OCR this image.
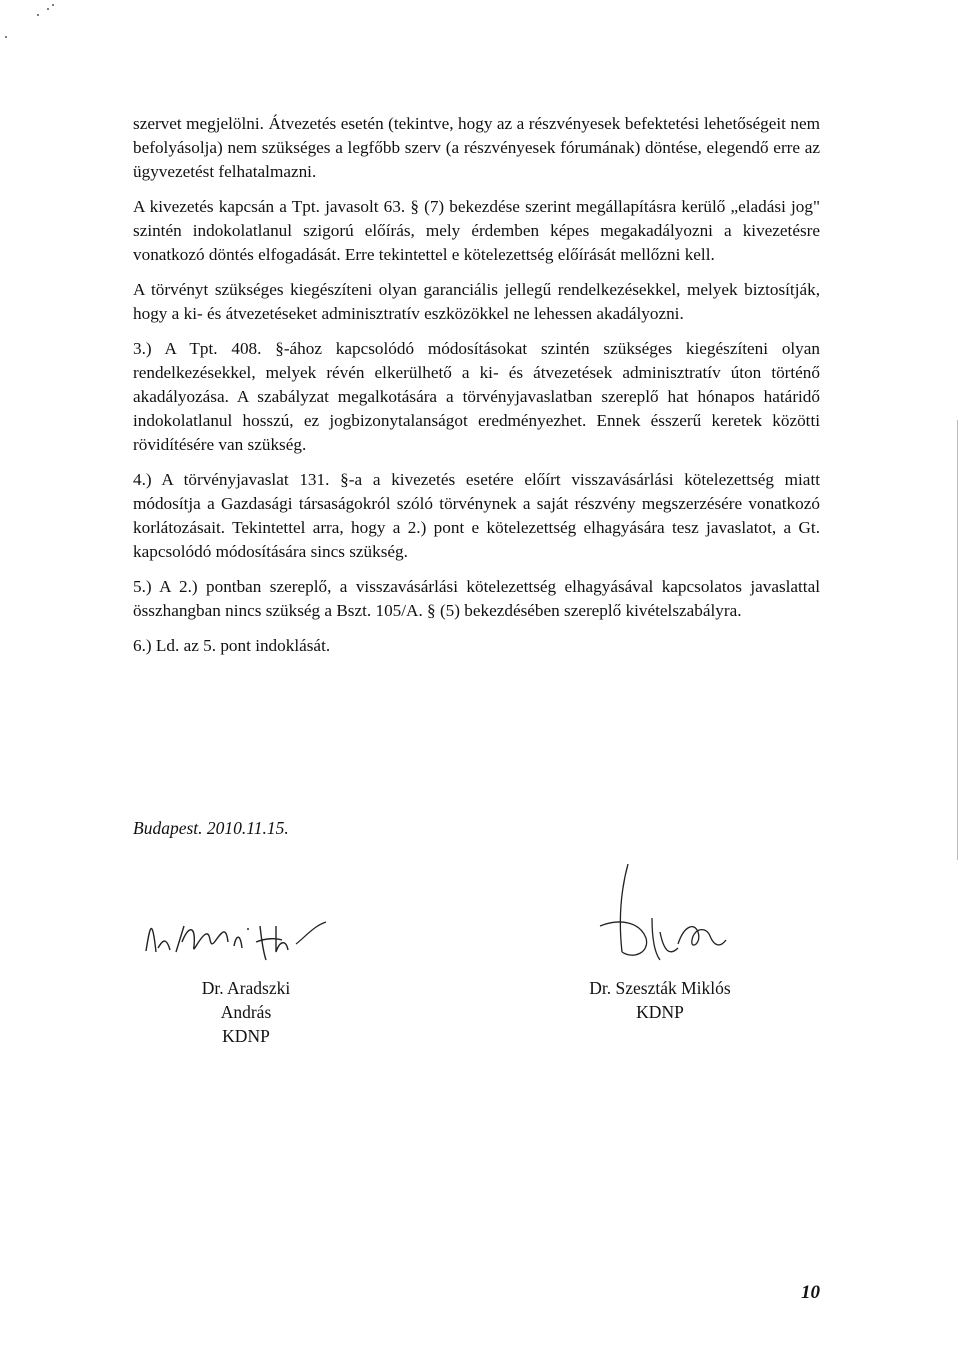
szervet megjelölni. Átvezetés esetén (tekintve, hogy az a részvényesek befektetési lehetőségeit nem befolyásolja) nem szükséges a legfőbb szerv (a részvényesek fórumának) döntése, elegendő erre az ügyvezetést felhatalmazni.

A kivezetés kapcsán a Tpt. javasolt 63. § (7) bekezdése szerint megállapításra kerülő „eladási jog" szintén indokolatlanul szigorú előírás, mely érdemben képes megakadályozni a kivezetésre vonatkozó döntés elfogadását. Erre tekintettel e kötelezettség előírását mellőzni kell.

A törvényt szükséges kiegészíteni olyan garanciális jellegű rendelkezésekkel, melyek biztosítják, hogy a ki- és átvezetéseket adminisztratív eszközökkel ne lehessen akadályozni.

3.) A Tpt. 408. §-ához kapcsolódó módosításokat szintén szükséges kiegészíteni olyan rendelkezésekkel, melyek révén elkerülhető a ki- és átvezetések adminisztratív úton történő akadályozása. A szabályzat megalkotására a törvényjavaslatban szereplő hat hónapos határidő indokolatlanul hosszú, ez jogbizonytalanságot eredményezhet. Ennek ésszerű keretek közötti rövidítésére van szükség.

4.) A törvényjavaslat 131. §-a a kivezetés esetére előírt visszavásárlási kötelezettség miatt módosítja a Gazdasági társaságokról szóló törvénynek a saját részvény megszerzésére vonatkozó korlátozásait. Tekintettel arra, hogy a 2.) pont e kötelezettség elhagyására tesz javaslatot, a Gt. kapcsolódó módosítására sincs szükség.

5.) A 2.) pontban szereplő, a visszavásárlási kötelezettség elhagyásával kapcsolatos javaslattal összhangban nincs szükség a Bszt. 105/A. § (5) bekezdésében szereplő kivételszabályra.

6.) Ld. az 5. pont indoklását.

Budapest. 2010.11.15.
Dr. Aradszki András
KDNP
Dr. Szeszták Miklós
KDNP
10
